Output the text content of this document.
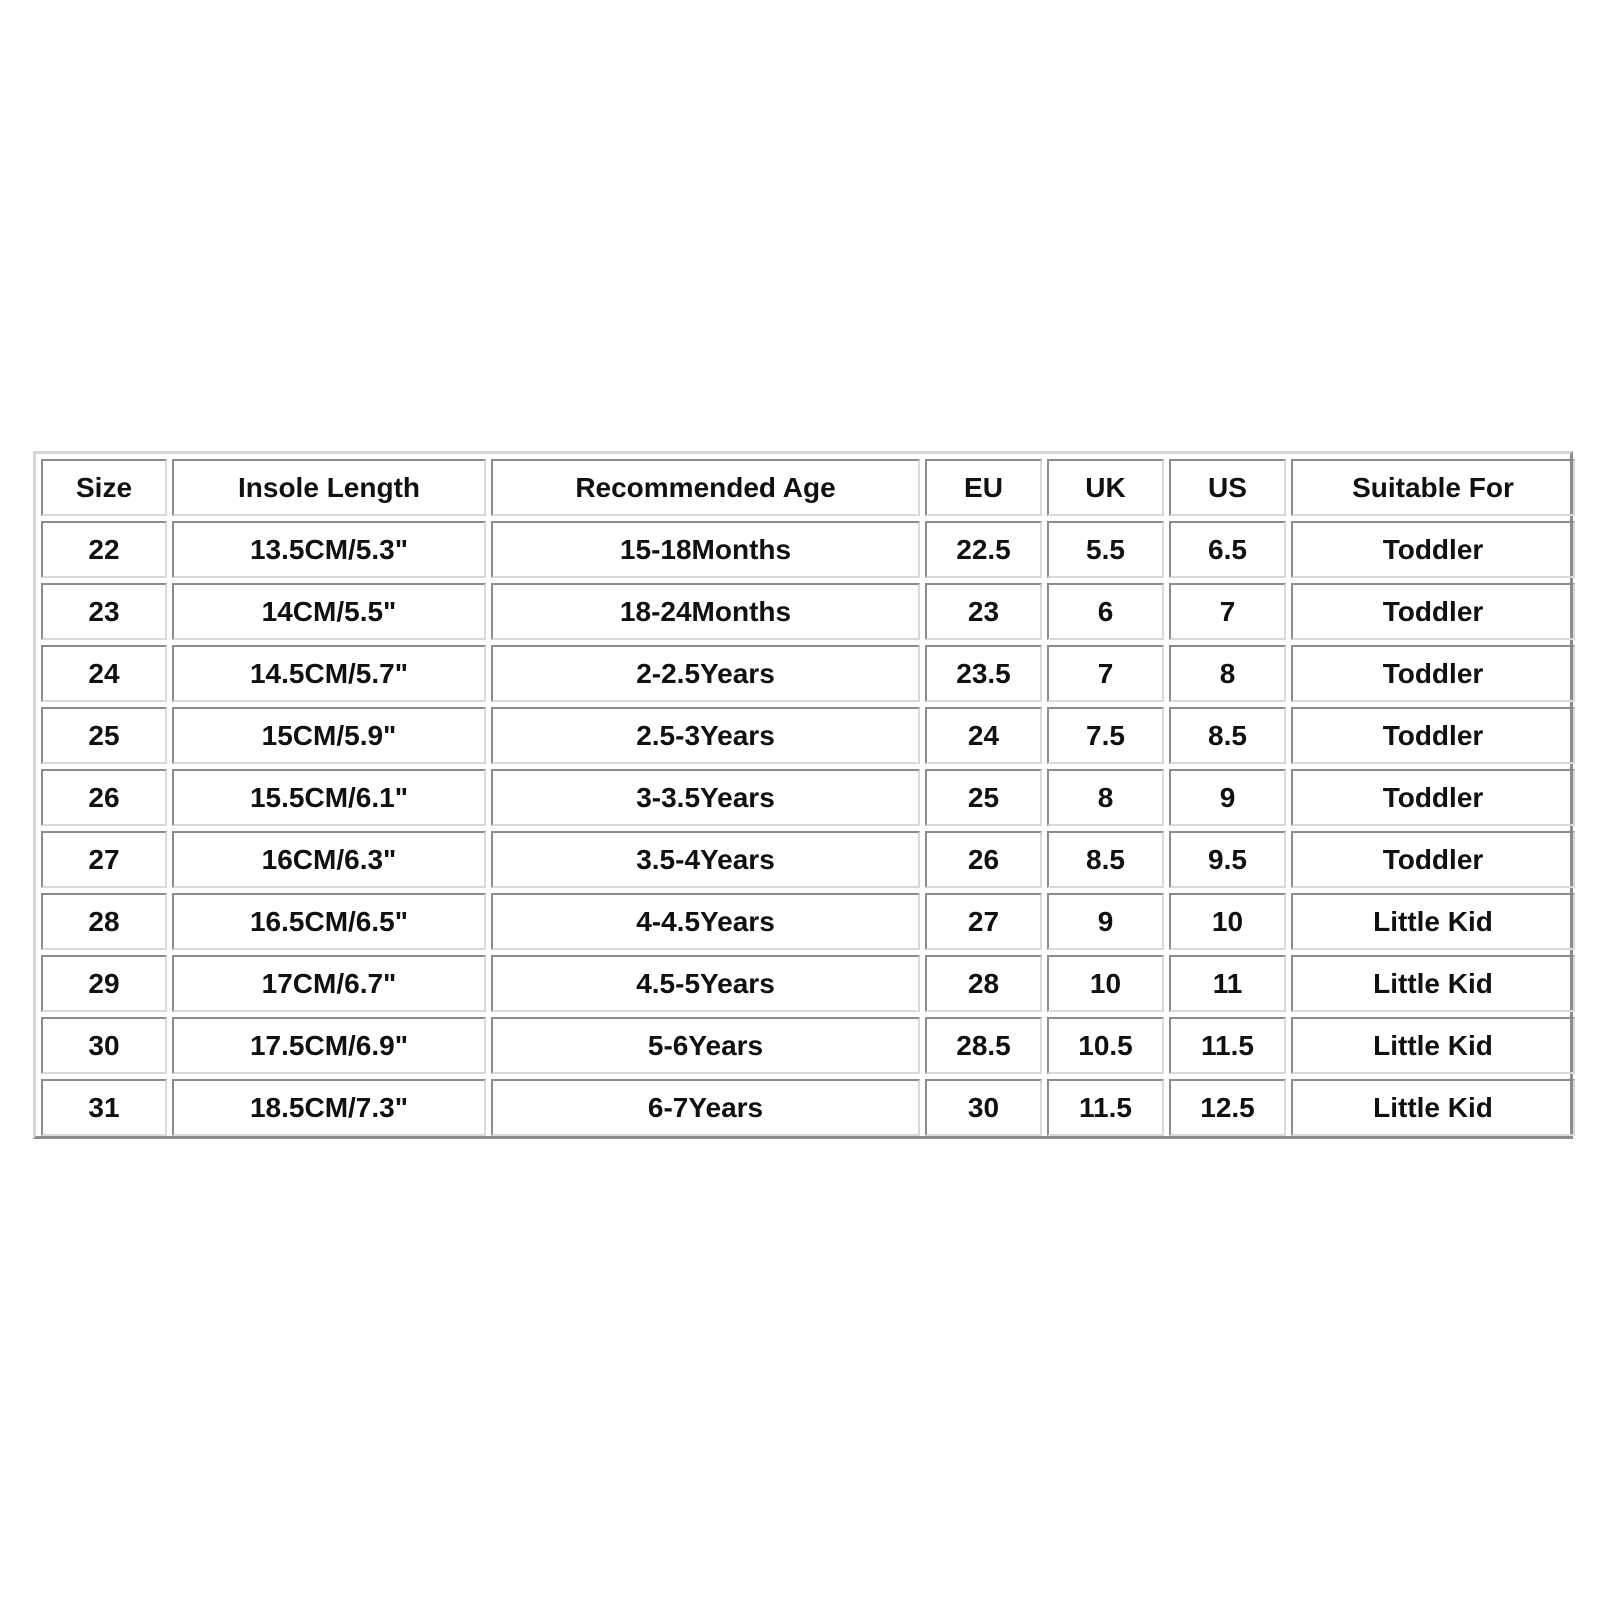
Size	Insole Length	Recommended Age	EU	UK	US	Suitable For
22	13.5CM/5.3"	15-18Months	22.5	5.5	6.5	Toddler
23	14CM/5.5"	18-24Months	23	6	7	Toddler
24	14.5CM/5.7"	2-2.5Years	23.5	7	8	Toddler
25	15CM/5.9"	2.5-3Years	24	7.5	8.5	Toddler
26	15.5CM/6.1"	3-3.5Years	25	8	9	Toddler
27	16CM/6.3"	3.5-4Years	26	8.5	9.5	Toddler
28	16.5CM/6.5"	4-4.5Years	27	9	10	Little Kid
29	17CM/6.7"	4.5-5Years	28	10	11	Little Kid
30	17.5CM/6.9"	5-6Years	28.5	10.5	11.5	Little Kid
31	18.5CM/7.3"	6-7Years	30	11.5	12.5	Little Kid
